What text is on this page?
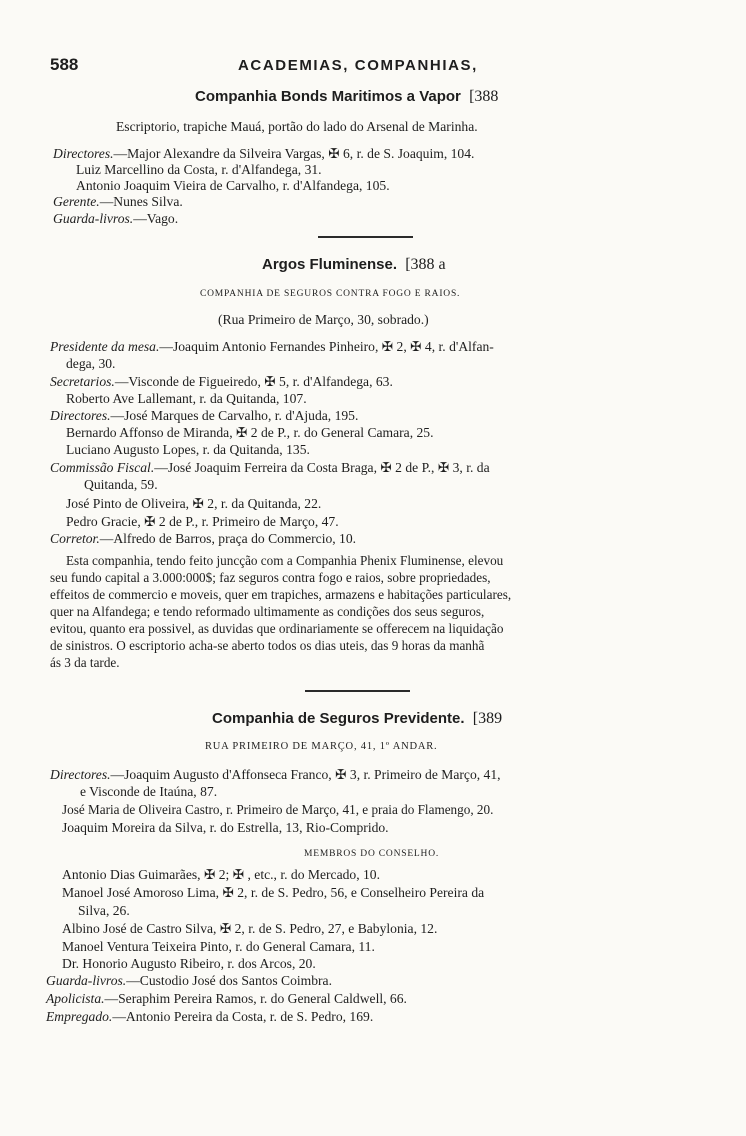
588	ACADEMIAS, COMPANHIAS,
Companhia Bonds Maritimos a Vapor [388
Escriptorio, trapiche Mauá, portão do lado do Arsenal de Marinha.
Directores.—Major Alexandre da Silveira Vargas, ✠ 6, r. de S. Joaquim, 104.
Luiz Marcellino da Costa, r. d'Alfandega, 31.
Antonio Joaquim Vieira de Carvalho, r. d'Alfandega, 105.
Gerente.—Nunes Silva.
Guarda-livros.—Vago.
Argos Fluminense. [388 a
COMPANHIA DE SEGUROS CONTRA FOGO E RAIOS.
(Rua Primeiro de Março, 30, sobrado.)
Presidente da mesa.—Joaquim Antonio Fernandes Pinheiro, ✠ 2, ✠ 4, r. d'Alfan-
dega, 30.
Secretarios.—Visconde de Figueiredo, ✠ 5, r. d'Alfandega, 63.
Roberto Ave Lallemant, r. da Quitanda, 107.
Directores.—José Marques de Carvalho, r. d'Ajuda, 195.
Bernardo Affonso de Miranda, ✠ 2 de P., r. do General Camara, 25.
Luciano Augusto Lopes, r. da Quitanda, 135.
Commissão Fiscal.—José Joaquim Ferreira da Costa Braga, ✠ 2 de P., ✠ 3, r. da
Quitanda, 59.
José Pinto de Oliveira, ✠ 2, r. da Quitanda, 22.
Pedro Gracie, ✠ 2 de P., r. Primeiro de Março, 47.
Corretor.—Alfredo de Barros, praça do Commercio, 10.
Esta companhia, tendo feito juncção com a Companhia Phenix Fluminense, elevou
seu fundo capital a 3.000:000$; faz seguros contra fogo e raios, sobre propriedades,
effeitos de commercio e moveis, quer em trapiches, armazens e habitações particulares,
quer na Alfandega; e tendo reformado ultimamente as condições dos seus seguros,
evitou, quanto era possivel, as duvidas que ordinariamente se offerecem na liquidação
de sinistros. O escriptorio acha-se aberto todos os dias uteis, das 9 horas da manhã
ás 3 da tarde.
Companhia de Seguros Previdente. [389
RUA PRIMEIRO DE MARÇO, 41, 1º ANDAR.
Directores.—Joaquim Augusto d'Affonseca Franco, ✠ 3, r. Primeiro de Março, 41,
e Visconde de Itaúna, 87.
José Maria de Oliveira Castro, r. Primeiro de Março, 41, e praia do Flamengo, 20.
Joaquim Moreira da Silva, r. do Estrella, 13, Rio-Comprido.
MEMBROS DO CONSELHO.
Antonio Dias Guimarães, ✠ 2; ✠ , etc., r. do Mercado, 10.
Manoel José Amoroso Lima, ✠ 2, r. de S. Pedro, 56, e Conselheiro Pereira da
Silva, 26.
Albino José de Castro Silva, ✠ 2, r. de S. Pedro, 27, e Babylonia, 12.
Manoel Ventura Teixeira Pinto, r. do General Camara, 11.
Dr. Honorio Augusto Ribeiro, r. dos Arcos, 20.
Guarda-livros.—Custodio José dos Santos Coimbra.
Apolicista.—Seraphim Pereira Ramos, r. do General Caldwell, 66.
Empregado.—Antonio Pereira da Costa, r. de S. Pedro, 169.
